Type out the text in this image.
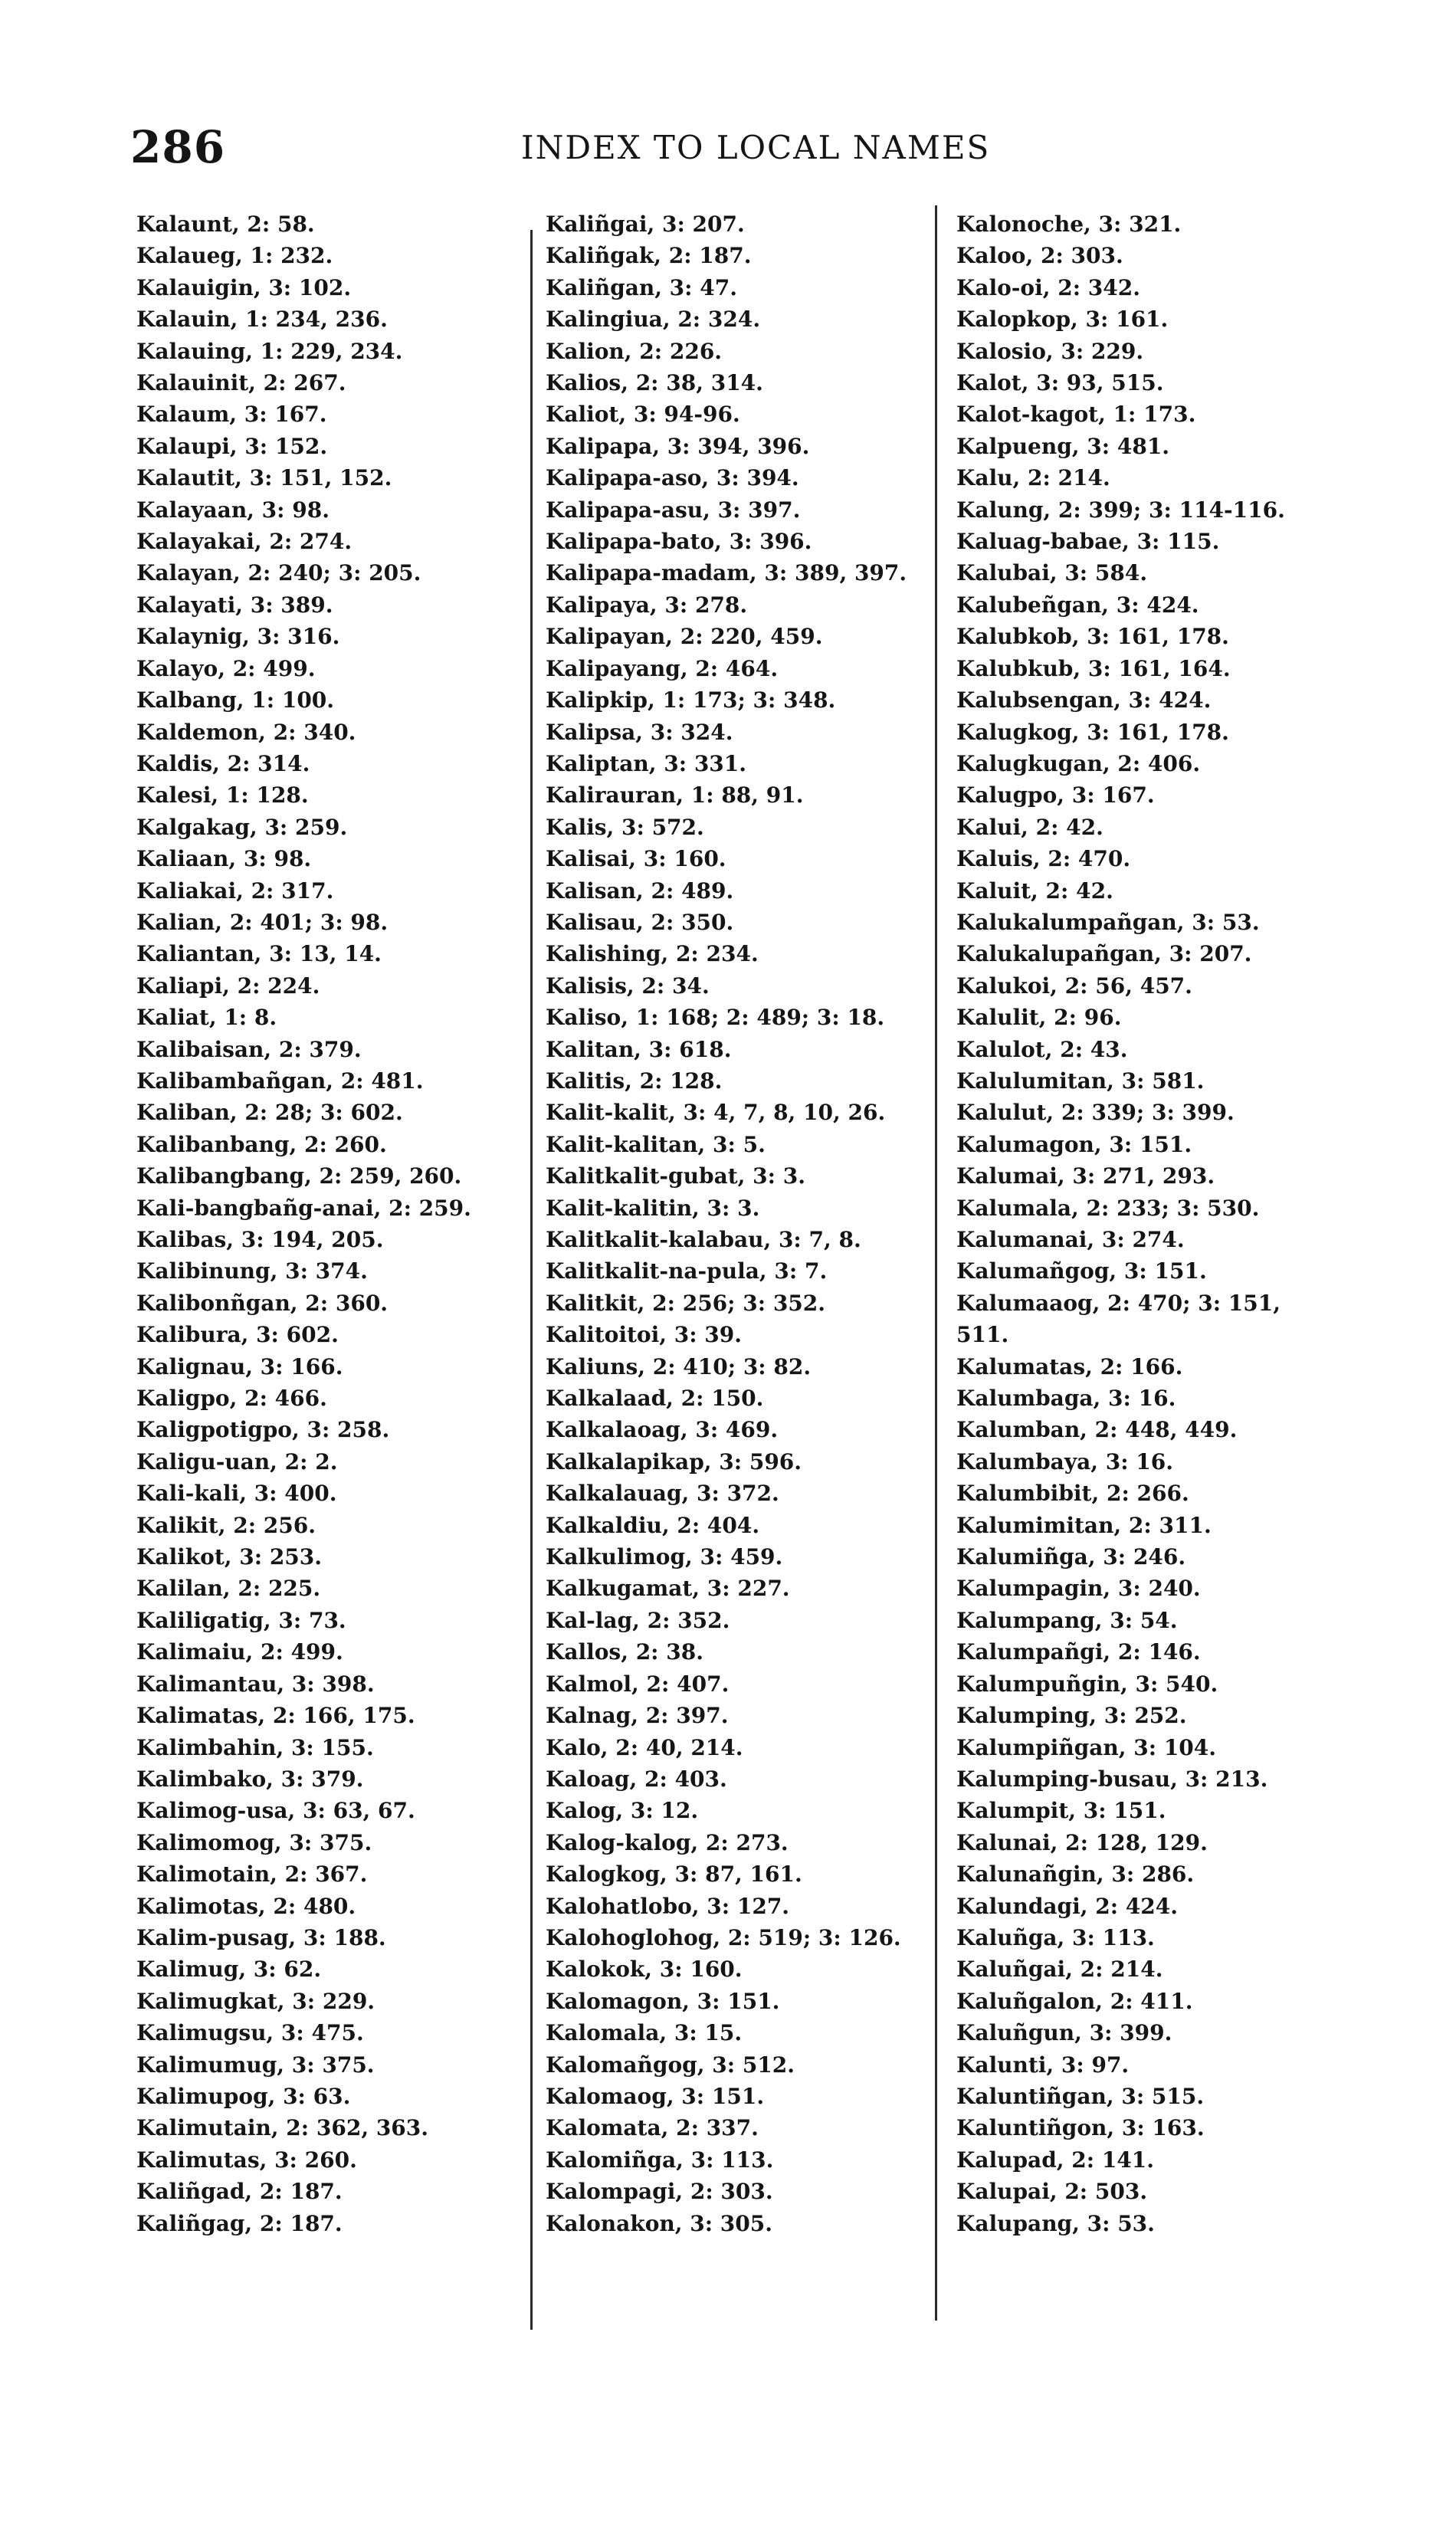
286	INDEX TO LOCAL NAMES
Kalaunt, 2: 58.
Kalaueg, 1: 232.
Kalauigin, 3: 102.
Kalauin, 1: 234, 236.
Kalauing, 1: 229, 234.
Kalauinit, 2: 267.
Kalaum, 3: 167.
Kalaupi, 3: 152.
Kalautit, 3: 151, 152.
Kalayaan, 3: 98.
Kalayakai, 2: 274.
Kalayan, 2: 240; 3: 205.
Kalayati, 3: 389.
Kalaynig, 3: 316.
Kalayo, 2: 499.
Kalbang, 1: 100.
Kaldemon, 2: 340.
Kaldis, 2: 314.
Kalesi, 1: 128.
Kalgakag, 3: 259.
Kaliaan, 3: 98.
Kaliakai, 2: 317.
Kalian, 2: 401; 3: 98.
Kaliantan, 3: 13, 14.
Kaliapi, 2: 224.
Kaliat, 1: 8.
Kalibaisan, 2: 379.
Kalibambañgan, 2: 481.
Kaliban, 2: 28; 3: 602.
Kalibanbang, 2: 260.
Kalibangbang, 2: 259, 260.
Kali-bangbañg-anai, 2: 259.
Kalibas, 3: 194, 205.
Kalibinung, 3: 374.
Kalibonñgan, 2: 360.
Kalibura, 3: 602.
Kalignau, 3: 166.
Kaligpo, 2: 466.
Kaligpotigpo, 3: 258.
Kaligu-uan, 2: 2.
Kali-kali, 3: 400.
Kalikit, 2: 256.
Kalikot, 3: 253.
Kalilan, 2: 225.
Kaliligatig, 3: 73.
Kalimaiu, 2: 499.
Kalimantau, 3: 398.
Kalimatas, 2: 166, 175.
Kalimbahin, 3: 155.
Kalimbako, 3: 379.
Kalimog-usa, 3: 63, 67.
Kalimomog, 3: 375.
Kalimotain, 2: 367.
Kalimotas, 2: 480.
Kalim-pusag, 3: 188.
Kalimug, 3: 62.
Kalimugkat, 3: 229.
Kalimugsu, 3: 475.
Kalimumug, 3: 375.
Kalimupog, 3: 63.
Kalimutain, 2: 362, 363.
Kalimutas, 3: 260.
Kaliñgad, 2: 187.
Kaliñgag, 2: 187.
Kaliñgai, 3: 207.
Kaliñgak, 2: 187.
Kaliñgan, 3: 47.
Kalingiua, 2: 324.
Kalion, 2: 226.
Kalios, 2: 38, 314.
Kaliot, 3: 94-96.
Kalipapa, 3: 394, 396.
Kalipapa-aso, 3: 394.
Kalipapa-asu, 3: 397.
Kalipapa-bato, 3: 396.
Kalipapa-madam, 3: 389, 397.
Kalipaya, 3: 278.
Kalipayan, 2: 220, 459.
Kalipayang, 2: 464.
Kalipkip, 1: 173; 3: 348.
Kalipsa, 3: 324.
Kaliptan, 3: 331.
Kalirauran, 1: 88, 91.
Kalis, 3: 572.
Kalisai, 3: 160.
Kalisan, 2: 489.
Kalisau, 2: 350.
Kalishing, 2: 234.
Kalisis, 2: 34.
Kaliso, 1: 168; 2: 489; 3: 18.
Kalitan, 3: 618.
Kalitis, 2: 128.
Kalit-kalit, 3: 4, 7, 8, 10, 26.
Kalit-kalitan, 3: 5.
Kalitkalit-gubat, 3: 3.
Kalit-kalitin, 3: 3.
Kalitkalit-kalabau, 3: 7, 8.
Kalitkalit-na-pula, 3: 7.
Kalitkit, 2: 256; 3: 352.
Kalitoitoi, 3: 39.
Kaliuns, 2: 410; 3: 82.
Kalkalaad, 2: 150.
Kalkalaoag, 3: 469.
Kalkalapikap, 3: 596.
Kalkalauag, 3: 372.
Kalkaldiu, 2: 404.
Kalkulimog, 3: 459.
Kalkugamat, 3: 227.
Kal-lag, 2: 352.
Kallos, 2: 38.
Kalmol, 2: 407.
Kalnag, 2: 397.
Kalo, 2: 40, 214.
Kaloag, 2: 403.
Kalog, 3: 12.
Kalog-kalog, 2: 273.
Kalogkog, 3: 87, 161.
Kalohatlobo, 3: 127.
Kalohoglohog, 2: 519; 3: 126.
Kalokok, 3: 160.
Kalomagon, 3: 151.
Kalomala, 3: 15.
Kalomañgog, 3: 512.
Kalomaog, 3: 151.
Kalomata, 2: 337.
Kalomiñga, 3: 113.
Kalompagi, 2: 303.
Kalonakon, 3: 305.
Kalonoche, 3: 321.
Kaloo, 2: 303.
Kalo-oi, 2: 342.
Kalopkop, 3: 161.
Kalosio, 3: 229.
Kalot, 3: 93, 515.
Kalot-kagot, 1: 173.
Kalpueng, 3: 481.
Kalu, 2: 214.
Kalung, 2: 399; 3: 114-116.
Kaluag-babae, 3: 115.
Kalubai, 3: 584.
Kalubeñgan, 3: 424.
Kalubkob, 3: 161, 178.
Kalubkub, 3: 161, 164.
Kalubsengan, 3: 424.
Kalugkog, 3: 161, 178.
Kalugkugan, 2: 406.
Kalugpo, 3: 167.
Kalui, 2: 42.
Kaluis, 2: 470.
Kaluit, 2: 42.
Kalukalumpañgan, 3: 53.
Kalukalupañgan, 3: 207.
Kalukoi, 2: 56, 457.
Kalulit, 2: 96.
Kalulot, 2: 43.
Kalulumitan, 3: 581.
Kalulut, 2: 339; 3: 399.
Kalumagon, 3: 151.
Kalumai, 3: 271, 293.
Kalumala, 2: 233; 3: 530.
Kalumanai, 3: 274.
Kalumañgog, 3: 151.
Kalumaaog, 2: 470; 3: 151,
511.
Kalumatas, 2: 166.
Kalumbaga, 3: 16.
Kalumban, 2: 448, 449.
Kalumbaya, 3: 16.
Kalumbibit, 2: 266.
Kalumimitan, 2: 311.
Kalumiñga, 3: 246.
Kalumpagin, 3: 240.
Kalumpang, 3: 54.
Kalumpañgi, 2: 146.
Kalumpuñgin, 3: 540.
Kalumping, 3: 252.
Kalumpiñgan, 3: 104.
Kalumping-busau, 3: 213.
Kalumpit, 3: 151.
Kalunai, 2: 128, 129.
Kalunañgin, 3: 286.
Kalundagi, 2: 424.
Kaluñga, 3: 113.
Kaluñgai, 2: 214.
Kaluñgalon, 2: 411.
Kaluñgun, 3: 399.
Kalunti, 3: 97.
Kaluntiñgan, 3: 515.
Kaluntiñgon, 3: 163.
Kalupad, 2: 141.
Kalupai, 2: 503.
Kalupang, 3: 53.
